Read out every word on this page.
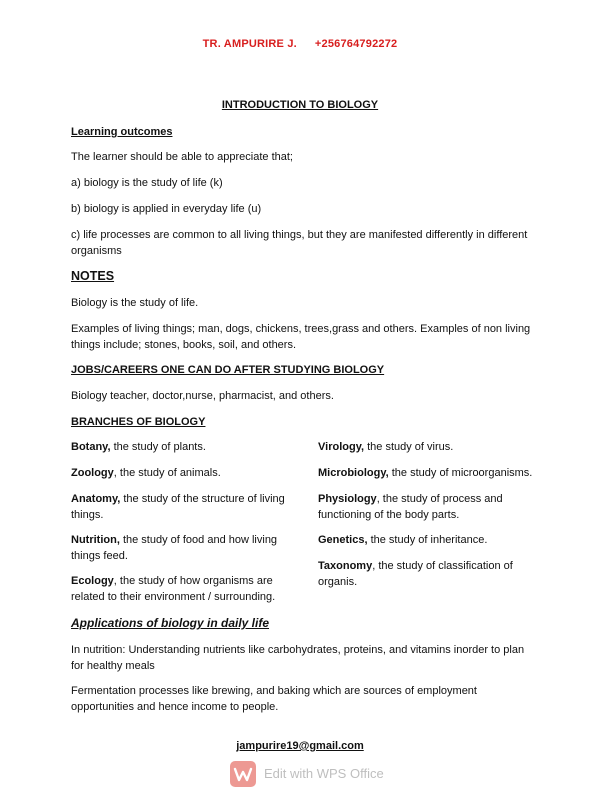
TR. AMPURIRE J. +256764792272
INTRODUCTION TO BIOLOGY
Learning outcomes
The learner should be able to appreciate that;
a) biology is the study of life (k)
b) biology is applied in everyday life (u)
c) life processes are common to all living things, but they are manifested differently in different organisms
NOTES
Biology is the study of life.
Examples of living things; man, dogs, chickens, trees,grass and others. Examples of non living things include; stones, books, soil, and others.
JOBS/CAREERS ONE CAN DO AFTER STUDYING BIOLOGY
Biology teacher, doctor,nurse, pharmacist, and others.
BRANCHES OF BIOLOGY
Botany, the study of plants.
Zoology, the study of animals.
Anatomy, the study of the structure of living things.
Nutrition, the study of food and how living things feed.
Ecology, the study of how organisms are related to their environment / surrounding.
Virology, the study of virus.
Microbiology, the study of microorganisms.
Physiology, the study of process and functioning of the body parts.
Genetics, the study of inheritance.
Taxonomy, the study of classification of organis.
Applications of biology in daily life
In nutrition: Understanding nutrients like carbohydrates, proteins, and vitamins inorder to plan for healthy meals
Fermentation processes like brewing, and baking which are sources of employment opportunities and hence income to people.
jampurire19@gmail.com
Edit with WPS Office
